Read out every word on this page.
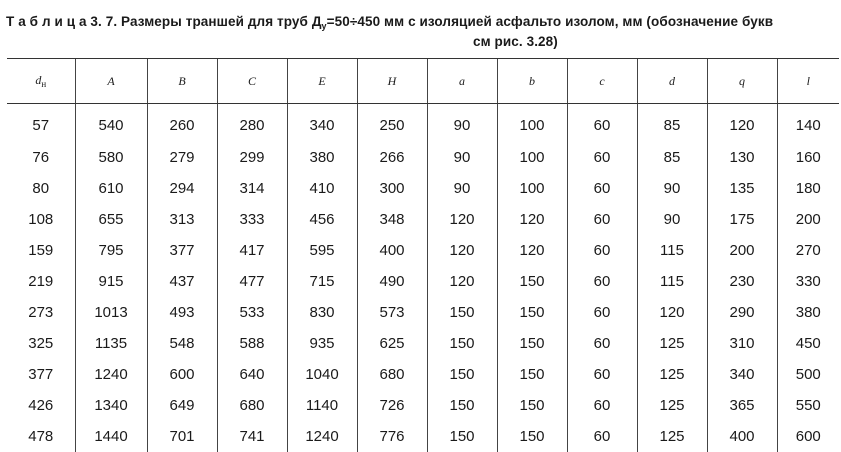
Т а б л и ц а 3. 7. Размеры траншей для труб $Д_у=50\div 450$ мм с изоляцией асфальто изолом, мм (обозначение букв
см рис. 3.28)
$d_н$	A	B	C	E	H	a	b	c	d	q	l
57	540	260	280	340	250	90	100	60	85	120	140
76	580	279	299	380	266	90	100	60	85	130	160
80	610	294	314	410	300	90	100	60	90	135	180
108	655	313	333	456	348	120	120	60	90	175	200
159	795	377	417	595	400	120	120	60	115	200	270
219	915	437	477	715	490	120	150	60	115	230	330
273	1013	493	533	830	573	150	150	60	120	290	380
325	1135	548	588	935	625	150	150	60	125	310	450
377	1240	600	640	1040	680	150	150	60	125	340	500
426	1340	649	680	1140	726	150	150	60	125	365	550
478	1440	701	741	1240	776	150	150	60	125	400	600
